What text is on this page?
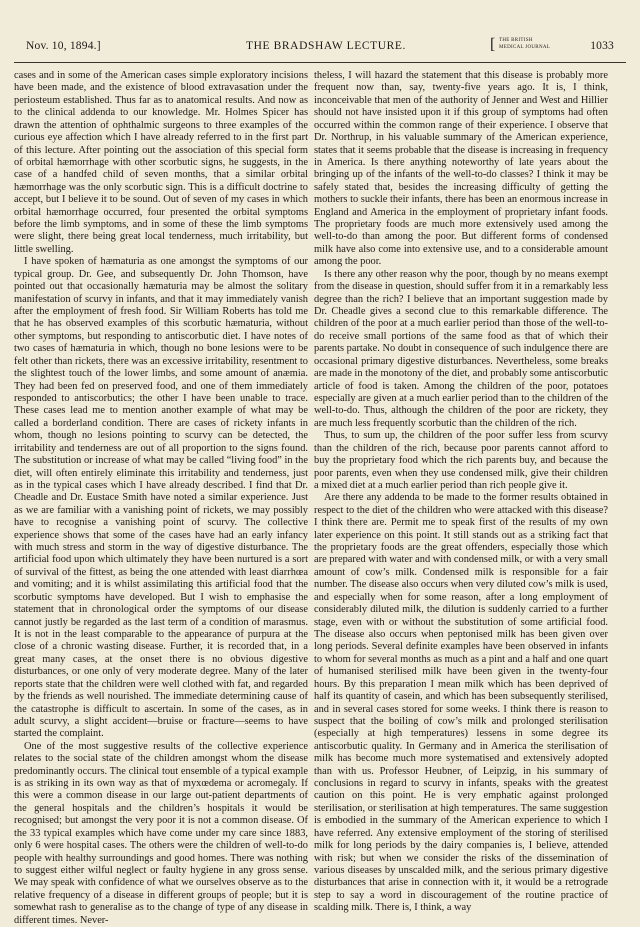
Nov. 10, 1894.]	THE BRADSHAW LECTURE.	[ THE BRITISH
MEDICAL JOURNAL	1033

cases and in some of the American cases simple exploratory incisions have been made, and the existence of blood extravasation under the periosteum established. Thus far as to anatomical results. And now as to the clinical addenda to our knowledge. Mr. Holmes Spicer has drawn the attention of ophthalmic surgeons to three examples of the curious eye affection which I have already referred to in the first part of this lecture. After pointing out the association of this special form of orbital hæmorrhage with other scorbutic signs, he suggests, in the case of a handfed child of seven months, that a similar orbital hæmorrhage was the only scorbutic sign. This is a difficult doctrine to accept, but I believe it to be sound. Out of seven of my cases in which orbital hæmorrhage occurred, four presented the orbital symptoms before the limb symptoms, and in some of these the limb symptoms were slight, there being great local tenderness, much irritability, but little swelling.

I have spoken of hæmaturia as one amongst the symptoms of our typical group. Dr. Gee, and subsequently Dr. John Thomson, have pointed out that occasionally hæmaturia may be almost the solitary manifestation of scurvy in infants, and that it may immediately vanish after the employment of fresh food. Sir William Roberts has told me that he has observed examples of this scorbutic hæmaturia, without other symptoms, but responding to antiscorbutic diet. I have notes of two cases of hæmaturia in which, though no bone lesions were to be felt other than rickets, there was an excessive irritability, resentment to the slightest touch of the lower limbs, and some amount of anæmia. They had been fed on preserved food, and one of them immediately responded to antiscorbutics; the other I have been unable to trace. These cases lead me to mention another example of what may be called a borderland condition. There are cases of rickety infants in whom, though no lesions pointing to scurvy can be detected, the irritability and tenderness are out of all proportion to the signs found. The substitution or increase of what may be called “living food” in the diet, will often entirely eliminate this irritability and tenderness, just as in the typical cases which I have already described. I find that Dr. Cheadle and Dr. Eustace Smith have noted a similar experience. Just as we are familiar with a vanishing point of rickets, we may possibly have to recognise a vanishing point of scurvy. The collective experience shows that some of the cases have had an early infancy with much stress and storm in the way of digestive disturbance. The artificial food upon which ultimately they have been nurtured is a sort of survival of the fittest, as being the one attended with least diarrhœa and vomiting; and it is whilst assimilating this artificial food that the scorbutic symptoms have developed. But I wish to emphasise the statement that in chronological order the symptoms of our disease cannot justly be regarded as the last term of a condition of marasmus. It is not in the least comparable to the appearance of purpura at the close of a chronic wasting disease. Further, it is recorded that, in a great many cases, at the onset there is no obvious digestive disturbances, or one only of very moderate degree. Many of the later reports state that the children were well clothed with fat, and regarded by the friends as well nourished. The immediate determining cause of the catastrophe is difficult to ascertain. In some of the cases, as in adult scurvy, a slight accident—bruise or fracture—seems to have started the complaint.

One of the most suggestive results of the collective experience relates to the social state of the children amongst whom the disease predominantly occurs. The clinical tout ensemble of a typical example is as striking in its own way as that of myxœdema or acromegaly. If this were a common disease in our large out-patient departments of the general hospitals and the children’s hospitals it would be recognised; but amongst the very poor it is not a common disease. Of the 33 typical examples which have come under my care since 1883, only 6 were hospital cases. The others were the children of well-to-do people with healthy surroundings and good homes. There was nothing to suggest either wilful neglect or faulty hygiene in any gross sense. We may speak with confidence of what we ourselves observe as to the relative frequency of a disease in different groups of people; but it is somewhat rash to generalise as to the change of type of any disease in different times. Never-

theless, I will hazard the statement that this disease is probably more frequent now than, say, twenty-five years ago. It is, I think, inconceivable that men of the authority of Jenner and West and Hillier should not have insisted upon it if this group of symptoms had often occurred within the common range of their experience. I observe that Dr. Northrup, in his valuable summary of the American experience, states that it seems probable that the disease is increasing in frequency in America. Is there anything noteworthy of late years about the bringing up of the infants of the well-to-do classes? I think it may be safely stated that, besides the increasing difficulty of getting the mothers to suckle their infants, there has been an enormous increase in England and America in the employment of proprietary infant foods. The proprietary foods are much more extensively used among the well-to-do than among the poor. But different forms of condensed milk have also come into extensive use, and to a considerable amount among the poor.

Is there any other reason why the poor, though by no means exempt from the disease in question, should suffer from it in a remarkably less degree than the rich? I believe that an important suggestion made by Dr. Cheadle gives a second clue to this remarkable difference. The children of the poor at a much earlier period than those of the well-to-do receive small portions of the same food as that of which their parents partake. No doubt in consequence of such indulgence there are occasional primary digestive disturbances. Nevertheless, some breaks are made in the monotony of the diet, and probably some antiscorbutic article of food is taken. Among the children of the poor, potatoes especially are given at a much earlier period than to the children of the well-to-do. Thus, although the children of the poor are rickety, they are much less frequently scorbutic than the children of the rich.

Thus, to sum up, the children of the poor suffer less from scurvy than the children of the rich, because poor parents cannot afford to buy the proprietary food which the rich parents buy, and because the poor parents, even when they use condensed milk, give their children a mixed diet at a much earlier period than rich people give it.

Are there any addenda to be made to the former results obtained in respect to the diet of the children who were attacked with this disease? I think there are. Permit me to speak first of the results of my own later experience on this point. It still stands out as a striking fact that the proprietary foods are the great offenders, especially those which are prepared with water and with condensed milk, or with a very small amount of cow’s milk. Condensed milk is responsible for a fair number. The disease also occurs when very diluted cow’s milk is used, and especially when for some reason, after a long employment of considerably diluted milk, the dilution is suddenly carried to a further stage, even with or without the substitution of some artificial food. The disease also occurs when peptonised milk has been given over long periods. Several definite examples have been observed in infants to whom for several months as much as a pint and a half and one quart of humanised sterilised milk have been given in the twenty-four hours. By this preparation I mean milk which has been deprived of half its quantity of casein, and which has been subsequently sterilised, and in several cases stored for some weeks. I think there is reason to suspect that the boiling of cow’s milk and prolonged sterilisation (especially at high temperatures) lessens in some degree its antiscorbutic quality. In Germany and in America the sterilisation of milk has become much more systematised and extensively adopted than with us. Professor Heubner, of Leipzig, in his summary of conclusions in regard to scurvy in infants, speaks with the greatest caution on this point. He is very emphatic against prolonged sterilisation, or sterilisation at high temperatures. The same suggestion is embodied in the summary of the American experience to which I have referred. Any extensive employment of the storing of sterilised milk for long periods by the dairy companies is, I believe, attended with risk; but when we consider the risks of the dissemination of various diseases by unscalded milk, and the serious primary digestive disturbances that arise in connection with it, it would be a retrograde step to say a word in discouragement of the routine practice of scalding milk. There is, I think, a way
